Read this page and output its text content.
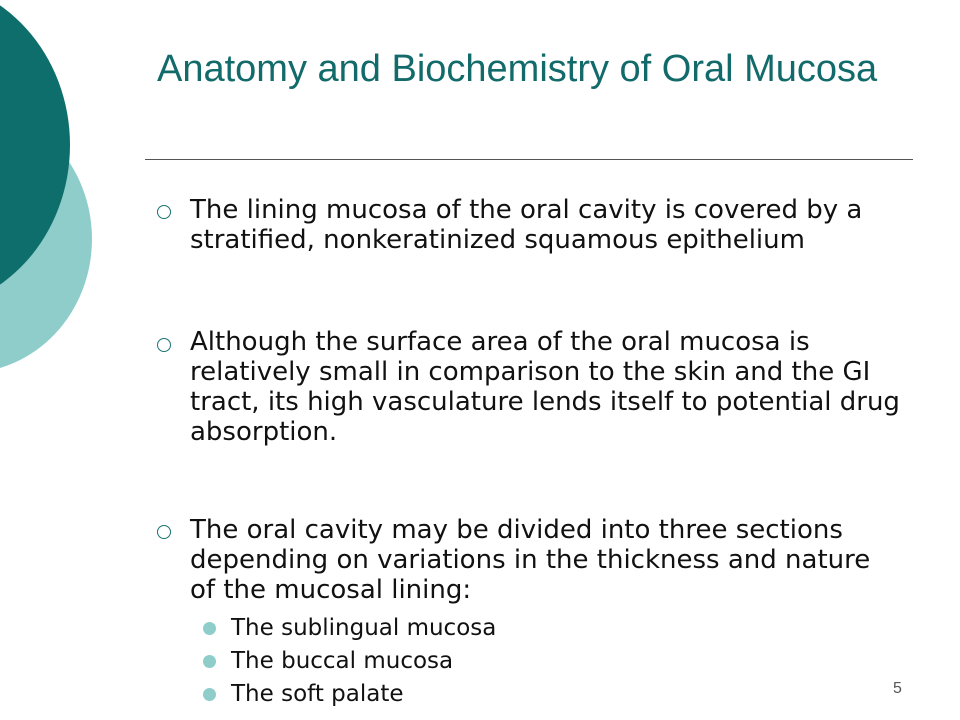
Anatomy and Biochemistry of Oral Mucosa
The lining mucosa of the oral cavity is covered by a stratified, nonkeratinized squamous epithelium
Although the surface area of the oral mucosa is relatively small in comparison to the skin and the GI tract, its high vasculature lends itself to potential drug absorption.
The oral cavity may be divided into three sections depending on variations in the thickness and nature of the mucosal lining:
The sublingual mucosa
The buccal mucosa
The soft palate	5
